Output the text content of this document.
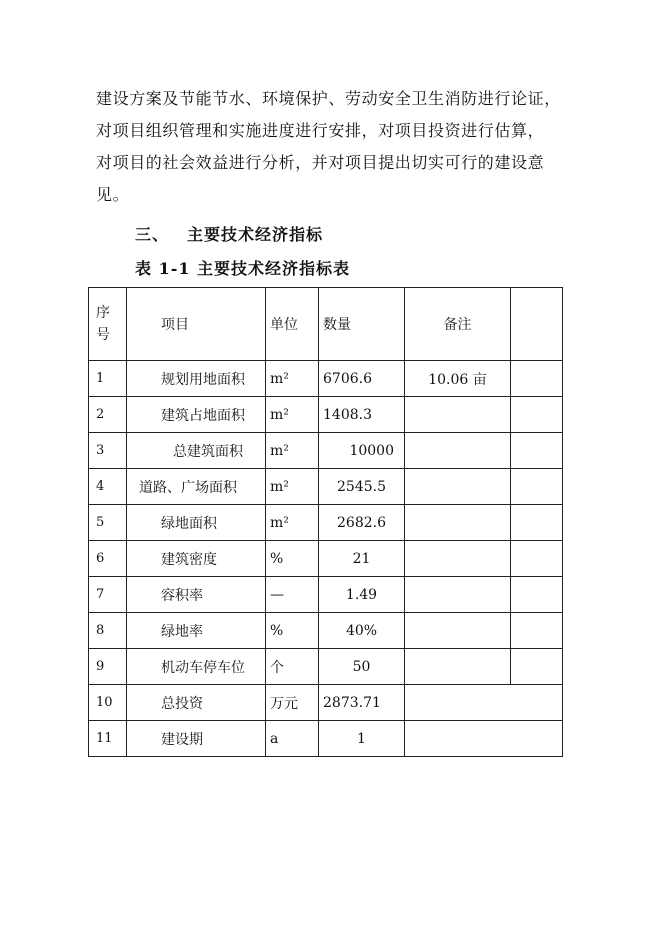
建设方案及节能节水、环境保护、劳动安全卫生消防进行论证，
对项目组织管理和实施进度进行安排，对项目投资进行估算，
对项目的社会效益进行分析，并对项目提出切实可行的建设意
见。
三、 主要技术经济指标
表 1-1 主要技术经济指标表
序
号	项目	单位	数量	备注	
1	规划用地面积	m²	6706.6	10.06 亩	
2	建筑占地面积	m²	1408.3		
3	总建筑面积	m²	10000		
4	道路、广场面积	m²	2545.5		
5	绿地面积	m²	2682.6		
6	建筑密度	%	21		
7	容积率	—	1.49		
8	绿地率	%	40%		
9	机动车停车位	个	50		
10	总投资	万元	2873.71		
11	建设期	a	1		
